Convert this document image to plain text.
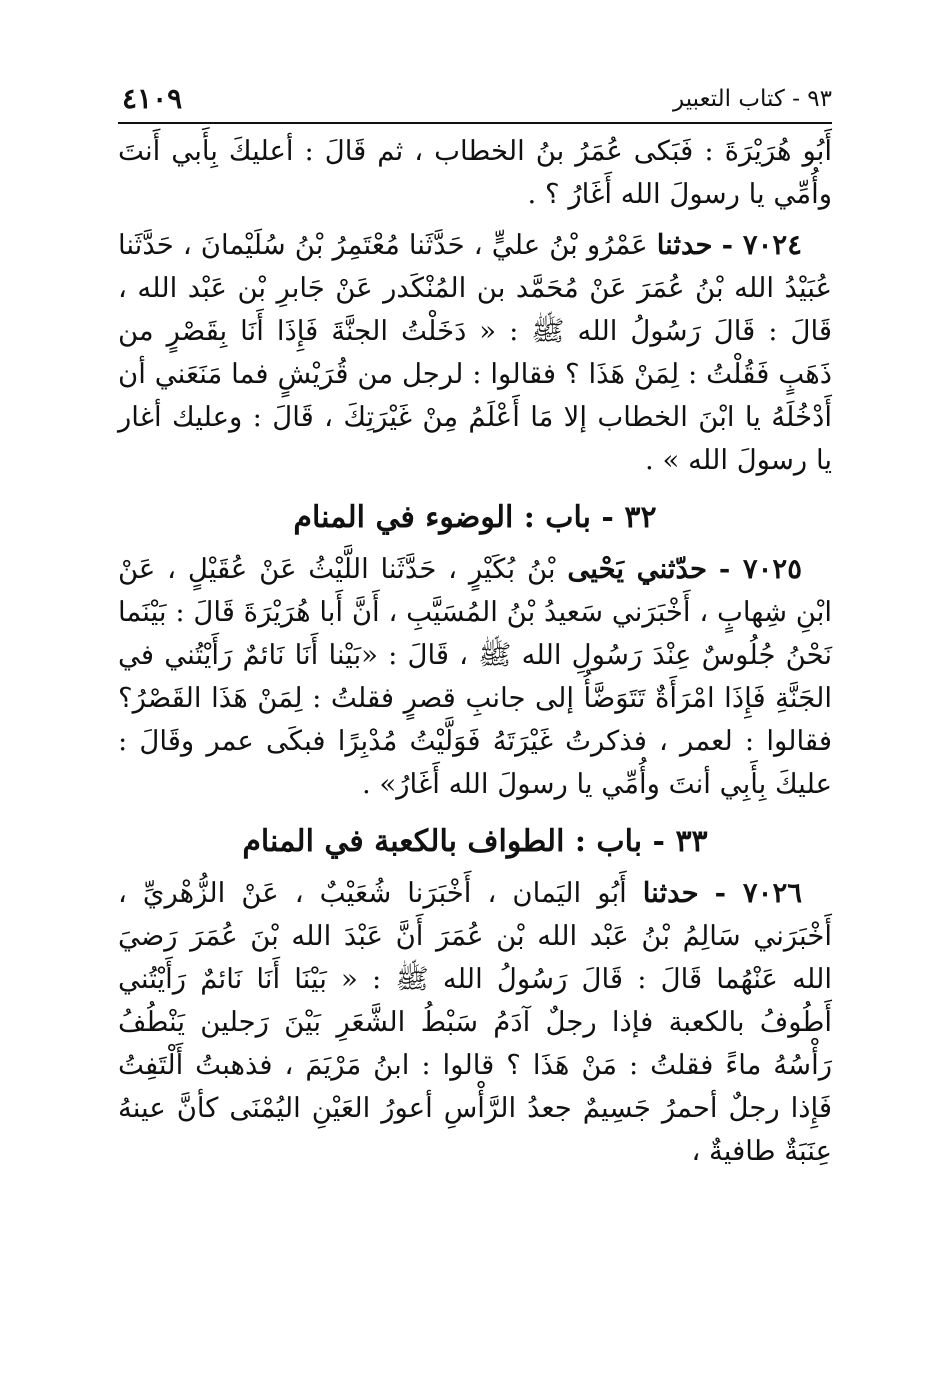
٩٣ - كتاب التعبير
٤١٠٩

أَبُو هُرَيْرَةَ : فَبَكى عُمَرُ بنُ الخطاب ، ثم قَالَ : أعليكَ بِأَبي أَنتَ وأُمِّي يا رسولَ الله أَغَارُ ؟ .

٧٠٢٤ - حدثنا عَمْرُو بْنُ عليٍّ ، حَدَّثَنا مُعْتَمِرُ بْنُ سُلَيْمانَ ، حَدَّثَنا عُبَيْدُ الله بْنُ عُمَرَ عَنْ مُحَمَّد بن المُنْكَدر عَنْ جَابرِ بْن عَبْد الله ، قَالَ : قَالَ رَسُولُ الله ﷺ : « دَخَلْتُ الجنَّةَ فَإِذَا أَنَا بِقَصْرٍ من ذَهَبٍ فَقُلْتُ : لِمَنْ هَذَا ؟ فقالوا : لرجل من قُرَيْشٍ فما مَنَعَني أن أَدْخُلَهُ يا ابْنَ الخطاب إلا مَا أَعْلَمُ مِنْ غَيْرَتِكَ ، قَالَ : وعليك أغار يا رسولَ الله » .

٣٢ - باب : الوضوء في المنام

٧٠٢٥ - حدّثني يَحْيى بْنُ بُكَيْرٍ ، حَدَّثَنا اللَّيْثُ عَنْ عُقَيْلٍ ، عَنْ ابْنِ شِهابٍ ، أَخْبَرَني سَعيدُ بْنُ المُسَيَّبِ ، أَنَّ أَبا هُرَيْرَةَ قَالَ : بَيْنَما نَحْنُ جُلُوسٌ عِنْدَ رَسُولِ الله ﷺ ، قَالَ : «بَيْنا أَنَا نَائمٌ رَأَيْتُني في الجَنَّةِ فَإِذَا امْرَأَةٌ تَتَوَضَّأُ إلى جانبِ قصرٍ فقلتُ : لِمَنْ هَذَا القَصْرُ؟ فقالوا : لعمر ، فذكرتُ غَيْرَتَهُ فَوَلَّيْتُ مُدْبِرًا فبكَى عمر وقَالَ : عليكَ بِأَبِي أنتَ وأُمِّي يا رسولَ الله أَغَارُ» .

٣٣ - باب : الطواف بالكعبة في المنام

٧٠٢٦ - حدثنا أَبُو اليَمان ، أَخْبَرَنا شُعَيْبٌ ، عَنْ الزُّهْريِّ ، أَخْبَرَني سَالِمُ بْنُ عَبْد الله بْن عُمَرَ أَنَّ عَبْدَ الله بْنَ عُمَرَ رَضيَ الله عَنْهُما قَالَ : قَالَ رَسُولُ الله ﷺ : « بَيْنَا أَنَا نَائمٌ رَأَيْتُني أَطُوفُ بالكعبة فإذا رجلٌ آدَمُ سَبْطُ الشَّعَرِ بَيْنَ رَجلين يَنْطُفُ رَأْسُهُ ماءً فقلتُ : مَنْ هَذَا ؟ قالوا : ابنُ مَرْيَمَ ، فذهبتُ أَلْتَفِتُ فَإِذا رجلٌ أحمرُ جَسِيمٌ جعدُ الرَّأْسِ أعورُ العَيْنِ اليُمْنَى كأنَّ عينهُ عِنَبَةٌ طافيةٌ ،
